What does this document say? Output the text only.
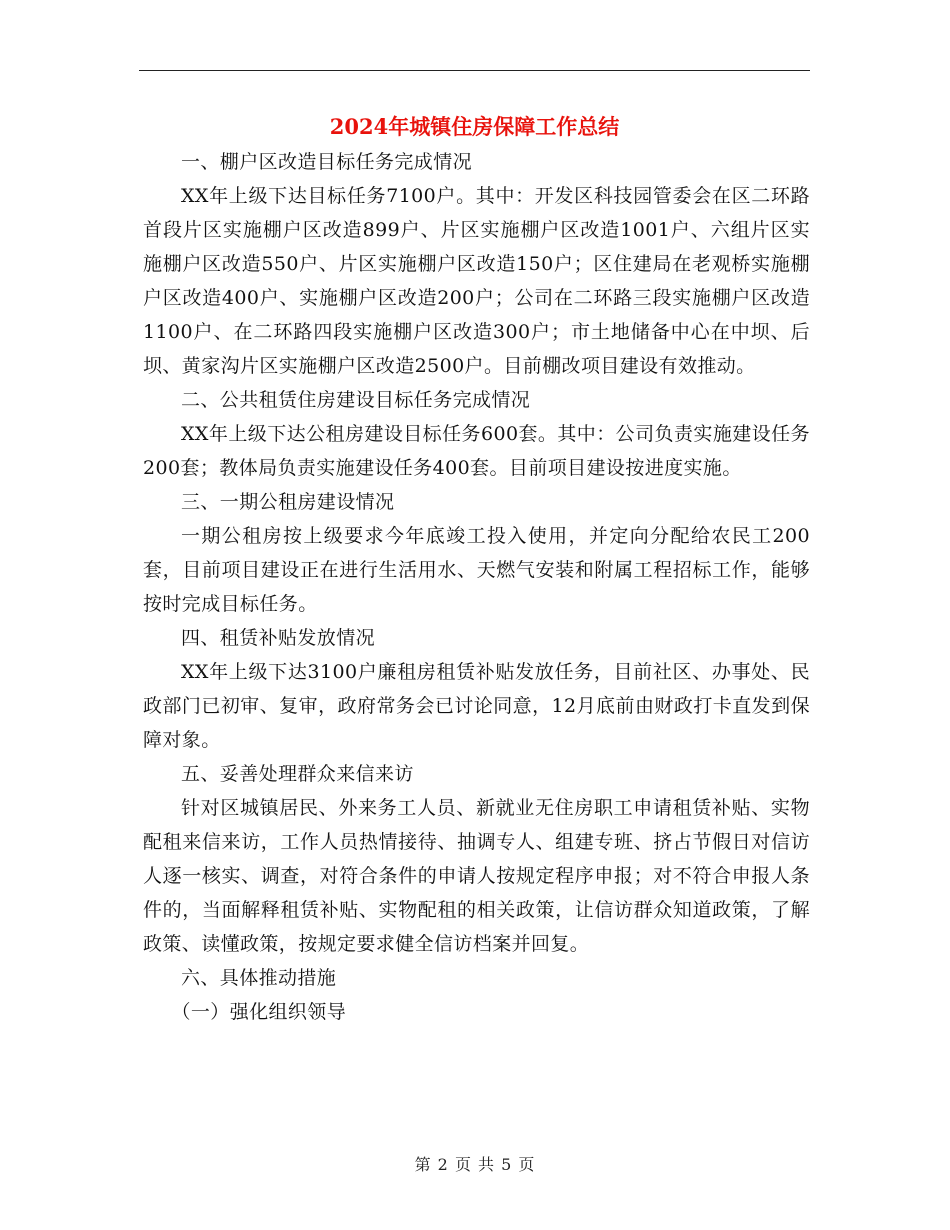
2024年城镇住房保障工作总结

一、棚户区改造目标任务完成情况

XX年上级下达目标任务7100户。其中：开发区科技园管委会在区二环路首段片区实施棚户区改造899户、片区实施棚户区改造1001户、六组片区实施棚户区改造550户、片区实施棚户区改造150户；区住建局在老观桥实施棚户区改造400户、实施棚户区改造200户；公司在二环路三段实施棚户区改造1100户、在二环路四段实施棚户区改造300户；市土地储备中心在中坝、后坝、黄家沟片区实施棚户区改造2500户。目前棚改项目建设有效推动。

二、公共租赁住房建设目标任务完成情况

XX年上级下达公租房建设目标任务600套。其中：公司负责实施建设任务200套；教体局负责实施建设任务400套。目前项目建设按进度实施。

三、一期公租房建设情况

一期公租房按上级要求今年底竣工投入使用，并定向分配给农民工200套，目前项目建设正在进行生活用水、天燃气安装和附属工程招标工作，能够按时完成目标任务。

四、租赁补贴发放情况

XX年上级下达3100户廉租房租赁补贴发放任务，目前社区、办事处、民政部门已初审、复审，政府常务会已讨论同意，12月底前由财政打卡直发到保障对象。

五、妥善处理群众来信来访

针对区城镇居民、外来务工人员、新就业无住房职工申请租赁补贴、实物配租来信来访，工作人员热情接待、抽调专人、组建专班、挤占节假日对信访人逐一核实、调查，对符合条件的申请人按规定程序申报；对不符合申报人条件的，当面解释租赁补贴、实物配租的相关政策，让信访群众知道政策，了解政策、读懂政策，按规定要求健全信访档案并回复。

六、具体推动措施

（一）强化组织领导

第 2 页 共 5 页
